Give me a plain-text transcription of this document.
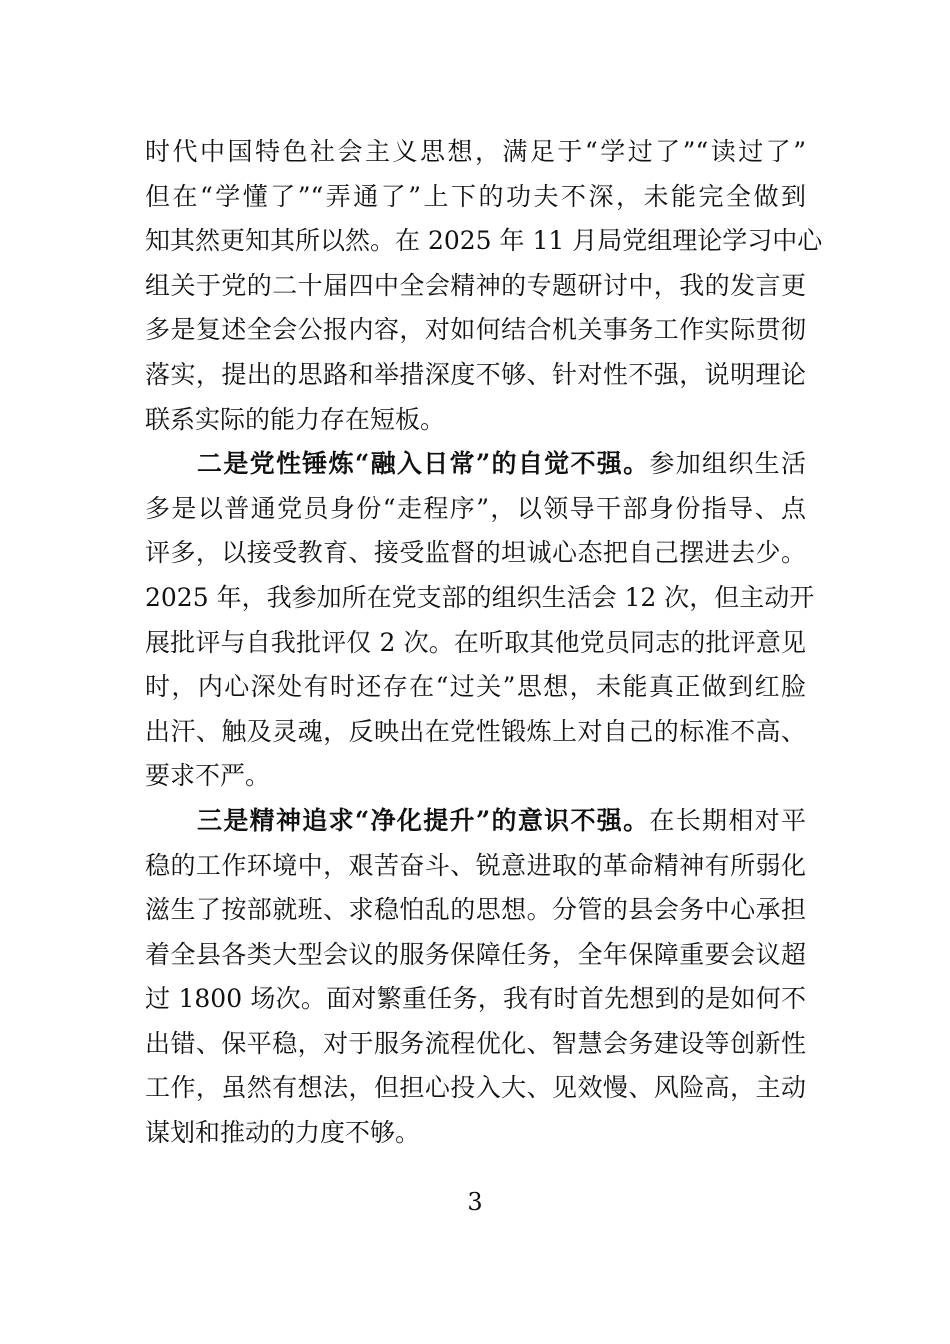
时代中国特色社会主义思想，满足于“学过了”“读过了”
但在“学懂了”“弄通了”上下的功夫不深，未能完全做到
知其然更知其所以然。在 2025 年 11 月局党组理论学习中心
组关于党的二十届四中全会精神的专题研讨中，我的发言更
多是复述全会公报内容，对如何结合机关事务工作实际贯彻
落实，提出的思路和举措深度不够、针对性不强，说明理论
联系实际的能力存在短板。
二是党性锤炼“融入日常”的自觉不强。参加组织生活
多是以普通党员身份“走程序”，以领导干部身份指导、点
评多，以接受教育、接受监督的坦诚心态把自己摆进去少。
2025 年，我参加所在党支部的组织生活会 12 次，但主动开
展批评与自我批评仅 2 次。在听取其他党员同志的批评意见
时，内心深处有时还存在“过关”思想，未能真正做到红脸
出汗、触及灵魂，反映出在党性锻炼上对自己的标准不高、
要求不严。
三是精神追求“净化提升”的意识不强。在长期相对平
稳的工作环境中，艰苦奋斗、锐意进取的革命精神有所弱化
滋生了按部就班、求稳怕乱的思想。分管的县会务中心承担
着全县各类大型会议的服务保障任务，全年保障重要会议超
过 1800 场次。面对繁重任务，我有时首先想到的是如何不
出错、保平稳，对于服务流程优化、智慧会务建设等创新性
工作，虽然有想法，但担心投入大、见效慢、风险高，主动
谋划和推动的力度不够。
3
